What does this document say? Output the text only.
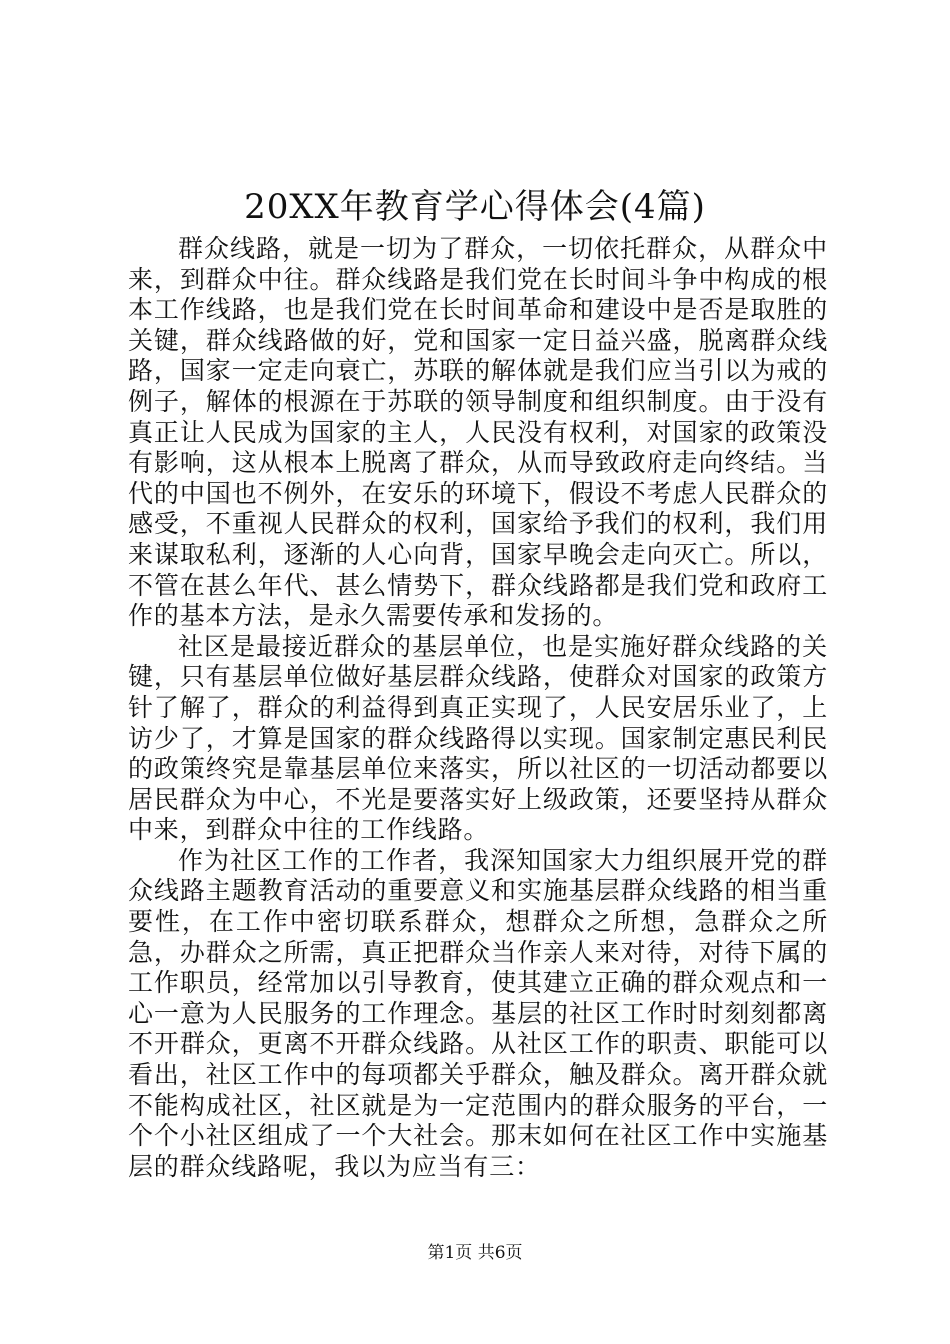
20XX年教育学心得体会(4篇)

群众线路，就是一切为了群众，一切依托群众，从群众中来，到群众中往。群众线路是我们党在长时间斗争中构成的根本工作线路，也是我们党在长时间革命和建设中是否是取胜的关键，群众线路做的好，党和国家一定日益兴盛，脱离群众线路，国家一定走向衰亡，苏联的解体就是我们应当引以为戒的例子，解体的根源在于苏联的领导制度和组织制度。由于没有真正让人民成为国家的主人，人民没有权利，对国家的政策没有影响，这从根本上脱离了群众，从而导致政府走向终结。当代的中国也不例外，在安乐的环境下，假设不考虑人民群众的感受，不重视人民群众的权利，国家给予我们的权利，我们用来谋取私利，逐渐的人心向背，国家早晚会走向灭亡。所以，不管在甚么年代、甚么情势下，群众线路都是我们党和政府工作的基本方法，是永久需要传承和发扬的。

社区是最接近群众的基层单位，也是实施好群众线路的关键，只有基层单位做好基层群众线路，使群众对国家的政策方针了解了，群众的利益得到真正实现了，人民安居乐业了，上访少了，才算是国家的群众线路得以实现。国家制定惠民利民的政策终究是靠基层单位来落实，所以社区的一切活动都要以居民群众为中心，不光是要落实好上级政策，还要坚持从群众中来，到群众中往的工作线路。

作为社区工作的工作者，我深知国家大力组织展开党的群众线路主题教育活动的重要意义和实施基层群众线路的相当重要性，在工作中密切联系群众，想群众之所想，急群众之所急，办群众之所需，真正把群众当作亲人来对待，对待下属的工作职员，经常加以引导教育，使其建立正确的群众观点和一心一意为人民服务的工作理念。基层的社区工作时时刻刻都离不开群众，更离不开群众线路。从社区工作的职责、职能可以看出，社区工作中的每项都关乎群众，触及群众。离开群众就不能构成社区，社区就是为一定范围内的群众服务的平台，一个个小社区组成了一个大社会。那末如何在社区工作中实施基层的群众线路呢，我以为应当有三：

第1页 共6页
